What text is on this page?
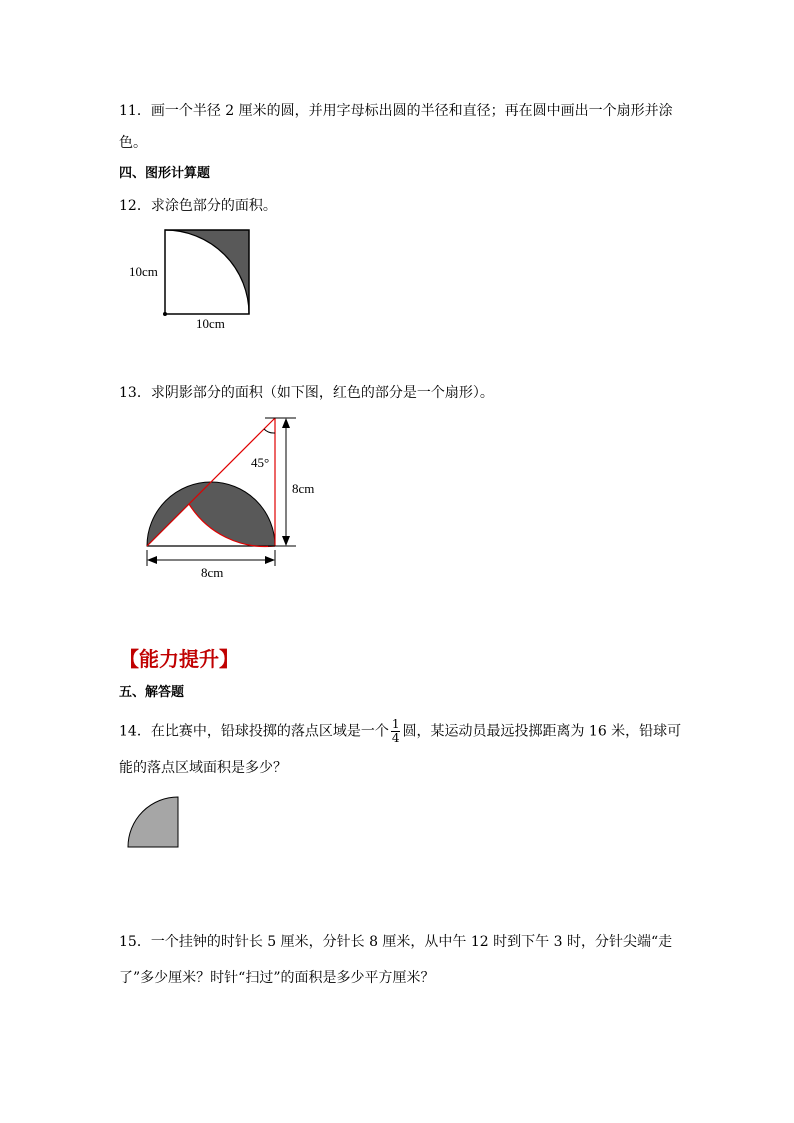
11．画一个半径 2 厘米的圆，并用字母标出圆的半径和直径；再在圆中画出一个扇形并涂
色。
四、图形计算题
12．求涂色部分的面积。
10cm
10cm
45°
8cm
8cm
13．求阴影部分的面积（如下图，红色的部分是一个扇形）。
【能力提升】
五、解答题
14．在比赛中，铅球投掷的落点区域是一个 $\frac{1}{4}$ 圆，某运动员最远投掷距离为 16 米，铅球可
能的落点区域面积是多少？
15．一个挂钟的时针长 5 厘米，分针长 8 厘米，从中午 12 时到下午 3 时，分针尖端“走
了”多少厘米？时针“扫过”的面积是多少平方厘米？
